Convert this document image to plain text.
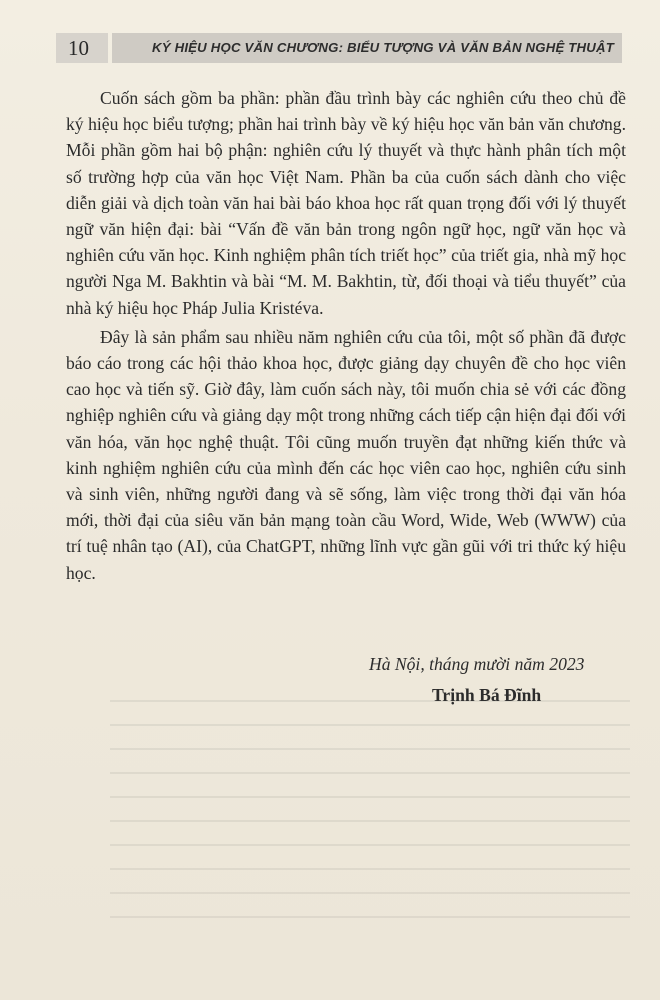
10	KÝ HIỆU HỌC VĂN CHƯƠNG: BIỂU TƯỢNG VÀ VĂN BẢN NGHỆ THUẬT

Cuốn sách gồm ba phần: phần đầu trình bày các nghiên cứu theo chủ đề ký hiệu học biểu tượng; phần hai trình bày về ký hiệu học văn bản văn chương. Mỗi phần gồm hai bộ phận: nghiên cứu lý thuyết và thực hành phân tích một số trường hợp của văn học Việt Nam. Phần ba của cuốn sách dành cho việc diễn giải và dịch toàn văn hai bài báo khoa học rất quan trọng đối với lý thuyết ngữ văn hiện đại: bài “Vấn đề văn bản trong ngôn ngữ học, ngữ văn học và nghiên cứu văn học. Kinh nghiệm phân tích triết học” của triết gia, nhà mỹ học người Nga M. Bakhtin và bài “M. M. Bakhtin, từ, đối thoại và tiểu thuyết” của nhà ký hiệu học Pháp Julia Kristéva.

Đây là sản phẩm sau nhiều năm nghiên cứu của tôi, một số phần đã được báo cáo trong các hội thảo khoa học, được giảng dạy chuyên đề cho học viên cao học và tiến sỹ. Giờ đây, làm cuốn sách này, tôi muốn chia sẻ với các đồng nghiệp nghiên cứu và giảng dạy một trong những cách tiếp cận hiện đại đối với văn hóa, văn học nghệ thuật. Tôi cũng muốn truyền đạt những kiến thức và kinh nghiệm nghiên cứu của mình đến các học viên cao học, nghiên cứu sinh và sinh viên, những người đang và sẽ sống, làm việc trong thời đại văn hóa mới, thời đại của siêu văn bản mạng toàn cầu Word, Wide, Web (WWW) của trí tuệ nhân tạo (AI), của ChatGPT, những lĩnh vực gần gũi với tri thức ký hiệu học.

Hà Nội, tháng mười năm 2023
Trịnh Bá Đĩnh
